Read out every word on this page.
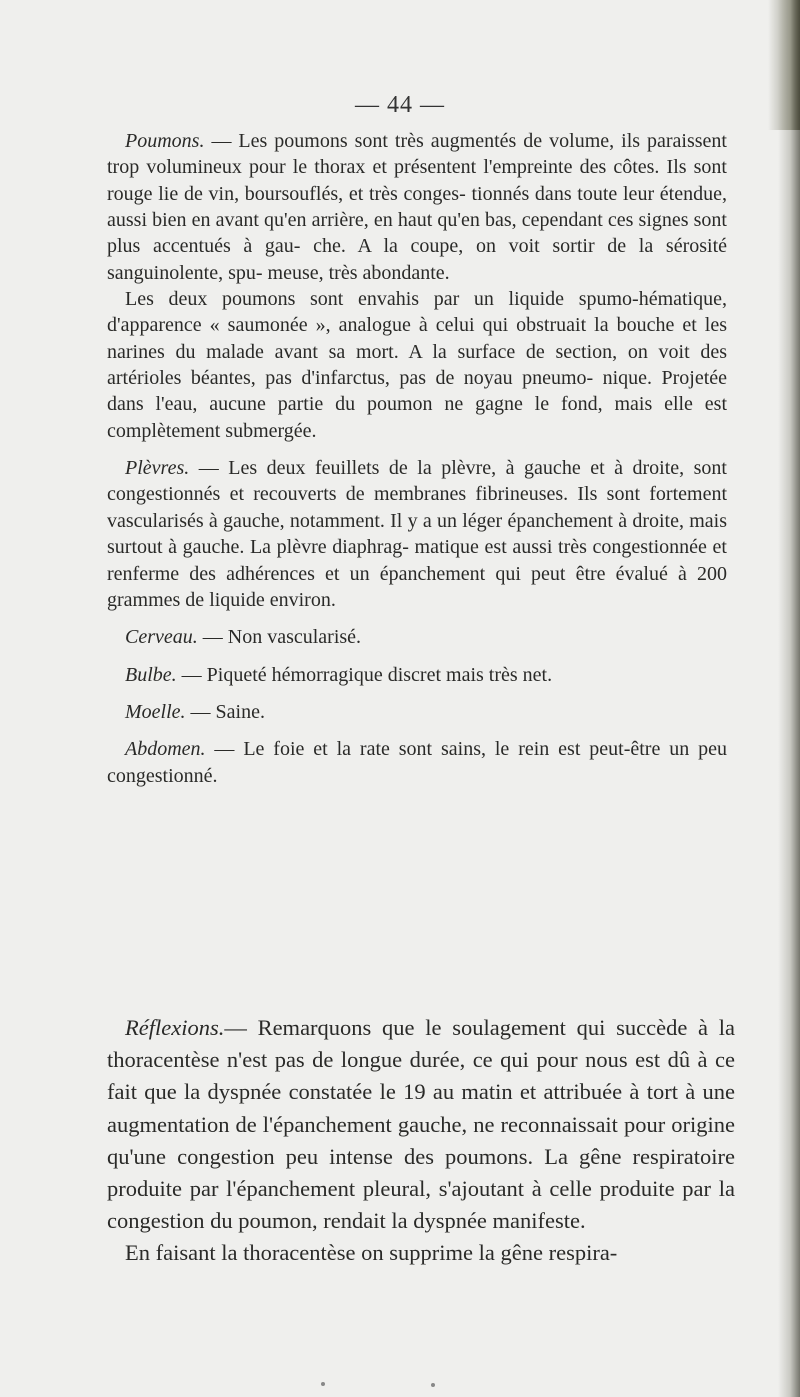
— 44 —

Poumons. — Les poumons sont très augmentés de volume, ils paraissent trop volumineux pour le thorax et présentent l'empreinte des côtes. Ils sont rouge lie de vin, boursouflés, et très conges- tionnés dans toute leur étendue, aussi bien en avant qu'en arrière, en haut qu'en bas, cependant ces signes sont plus accentués à gau- che. A la coupe, on voit sortir de la sérosité sanguinolente, spu- meuse, très abondante.

Les deux poumons sont envahis par un liquide spumo-hématique, d'apparence « saumonée », analogue à celui qui obstruait la bouche et les narines du malade avant sa mort. A la surface de section, on voit des artérioles béantes, pas d'infarctus, pas de noyau pneumo- nique. Projetée dans l'eau, aucune partie du poumon ne gagne le fond, mais elle est complètement submergée.

Plèvres. — Les deux feuillets de la plèvre, à gauche et à droite, sont congestionnés et recouverts de membranes fibrineuses. Ils sont fortement vascularisés à gauche, notamment. Il y a un léger épanchement à droite, mais surtout à gauche. La plèvre diaphrag- matique est aussi très congestionnée et renferme des adhérences et un épanchement qui peut être évalué à 200 grammes de liquide environ.

Cerveau. — Non vascularisé.

Bulbe. — Piqueté hémorragique discret mais très net.

Moelle. — Saine.

Abdomen. — Le foie et la rate sont sains, le rein est peut-être un peu congestionné.

Réflexions.— Remarquons que le soulagement qui succède à la thoracentèse n'est pas de longue durée, ce qui pour nous est dû à ce fait que la dyspnée constatée le 19 au matin et attribuée à tort à une augmentation de l'épanchement gauche, ne reconnaissait pour origine qu'une congestion peu intense des poumons. La gêne respiratoire produite par l'épanchement pleural, s'ajoutant à celle produite par la congestion du poumon, rendait la dyspnée manifeste.

En faisant la thoracentèse on supprime la gêne respira-
